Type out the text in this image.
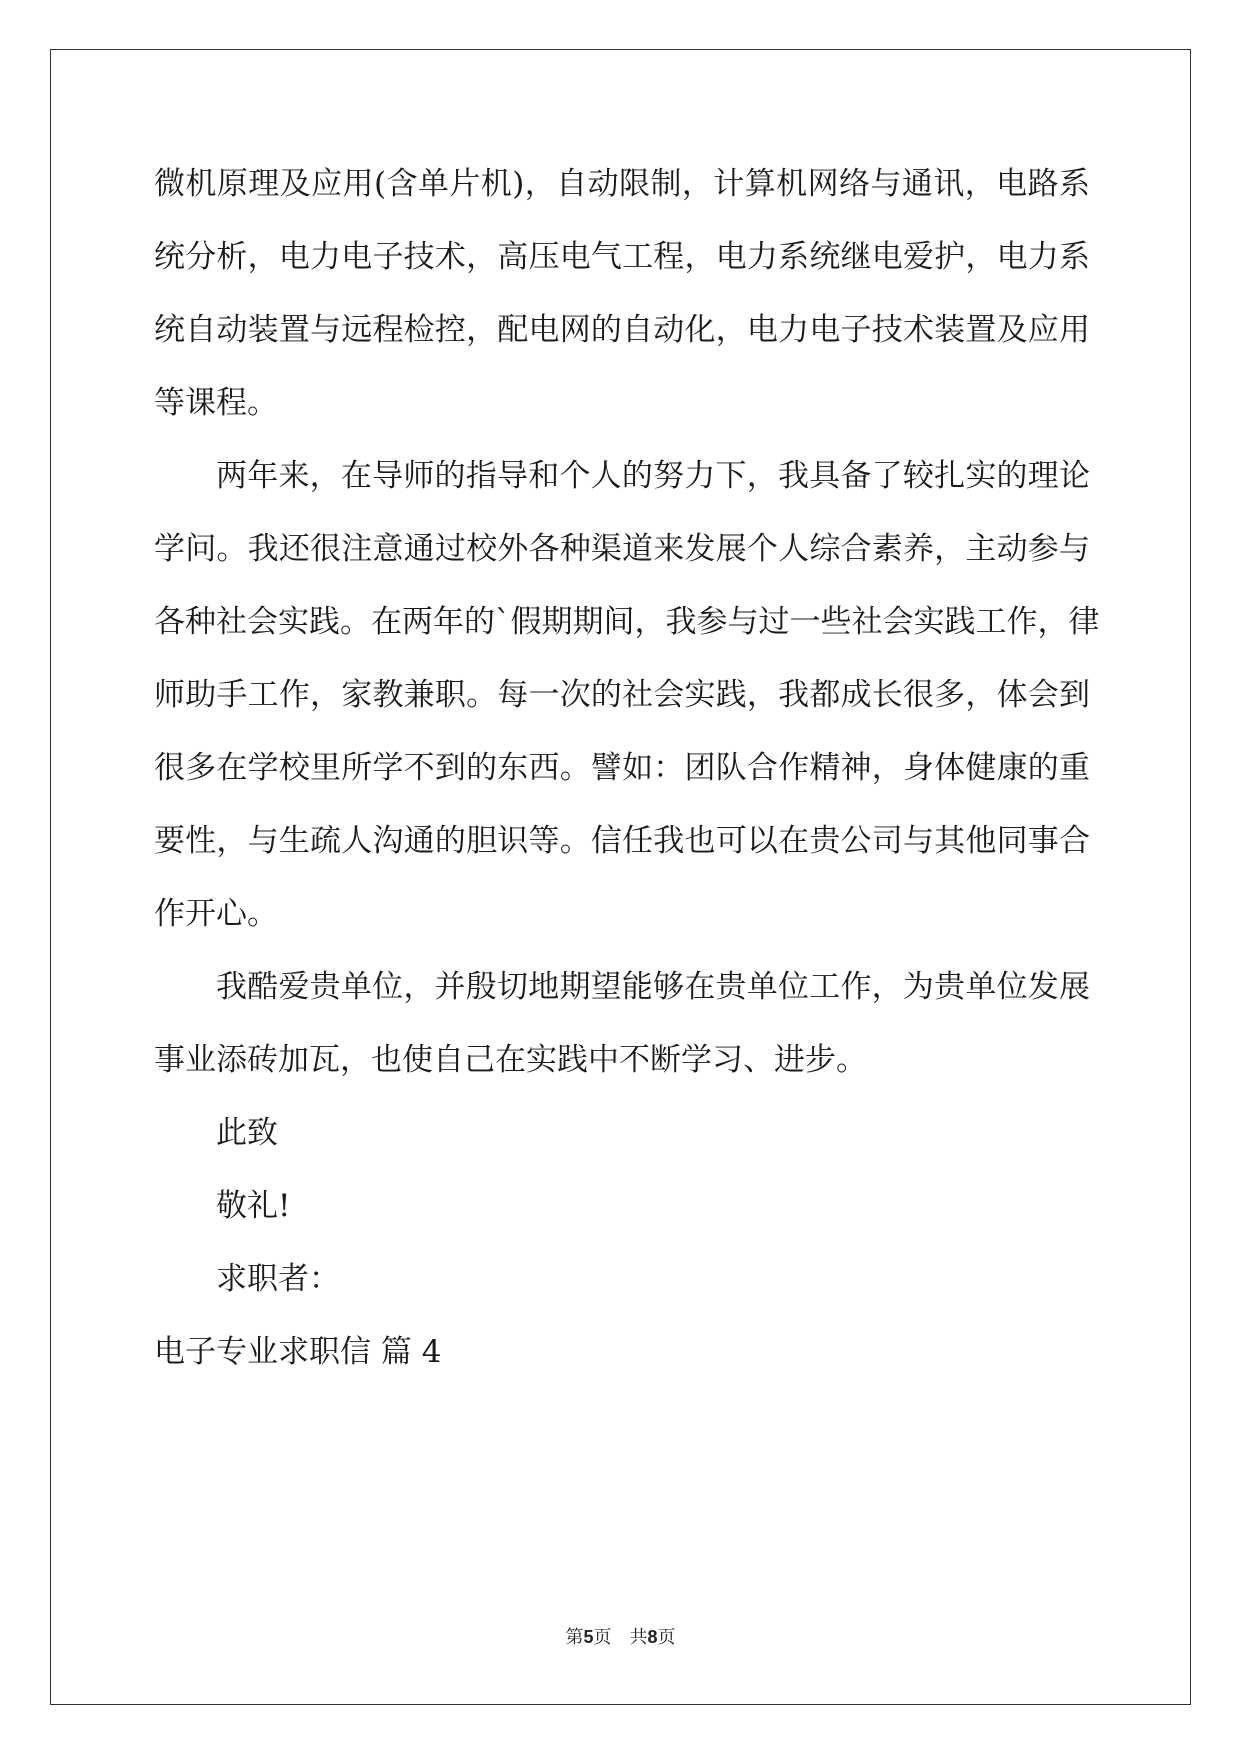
微机原理及应用(含单片机)，自动限制，计算机网络与通讯，电路系
统分析，电力电子技术，高压电气工程，电力系统继电爱护，电力系
统自动装置与远程检控，配电网的自动化，电力电子技术装置及应用
等课程。
两年来，在导师的指导和个人的努力下，我具备了较扎实的理论
学问。我还很注意通过校外各种渠道来发展个人综合素养，主动参与
各种社会实践。在两年的`假期期间，我参与过一些社会实践工作，律
师助手工作，家教兼职。每一次的社会实践，我都成长很多，体会到
很多在学校里所学不到的东西。譬如：团队合作精神，身体健康的重
要性，与生疏人沟通的胆识等。信任我也可以在贵公司与其他同事合
作开心。
我酷爱贵单位，并殷切地期望能够在贵单位工作，为贵单位发展
事业添砖加瓦，也使自己在实践中不断学习、进步。
此致
敬礼!
求职者：
电子专业求职信 篇 4
第5页　共8页
